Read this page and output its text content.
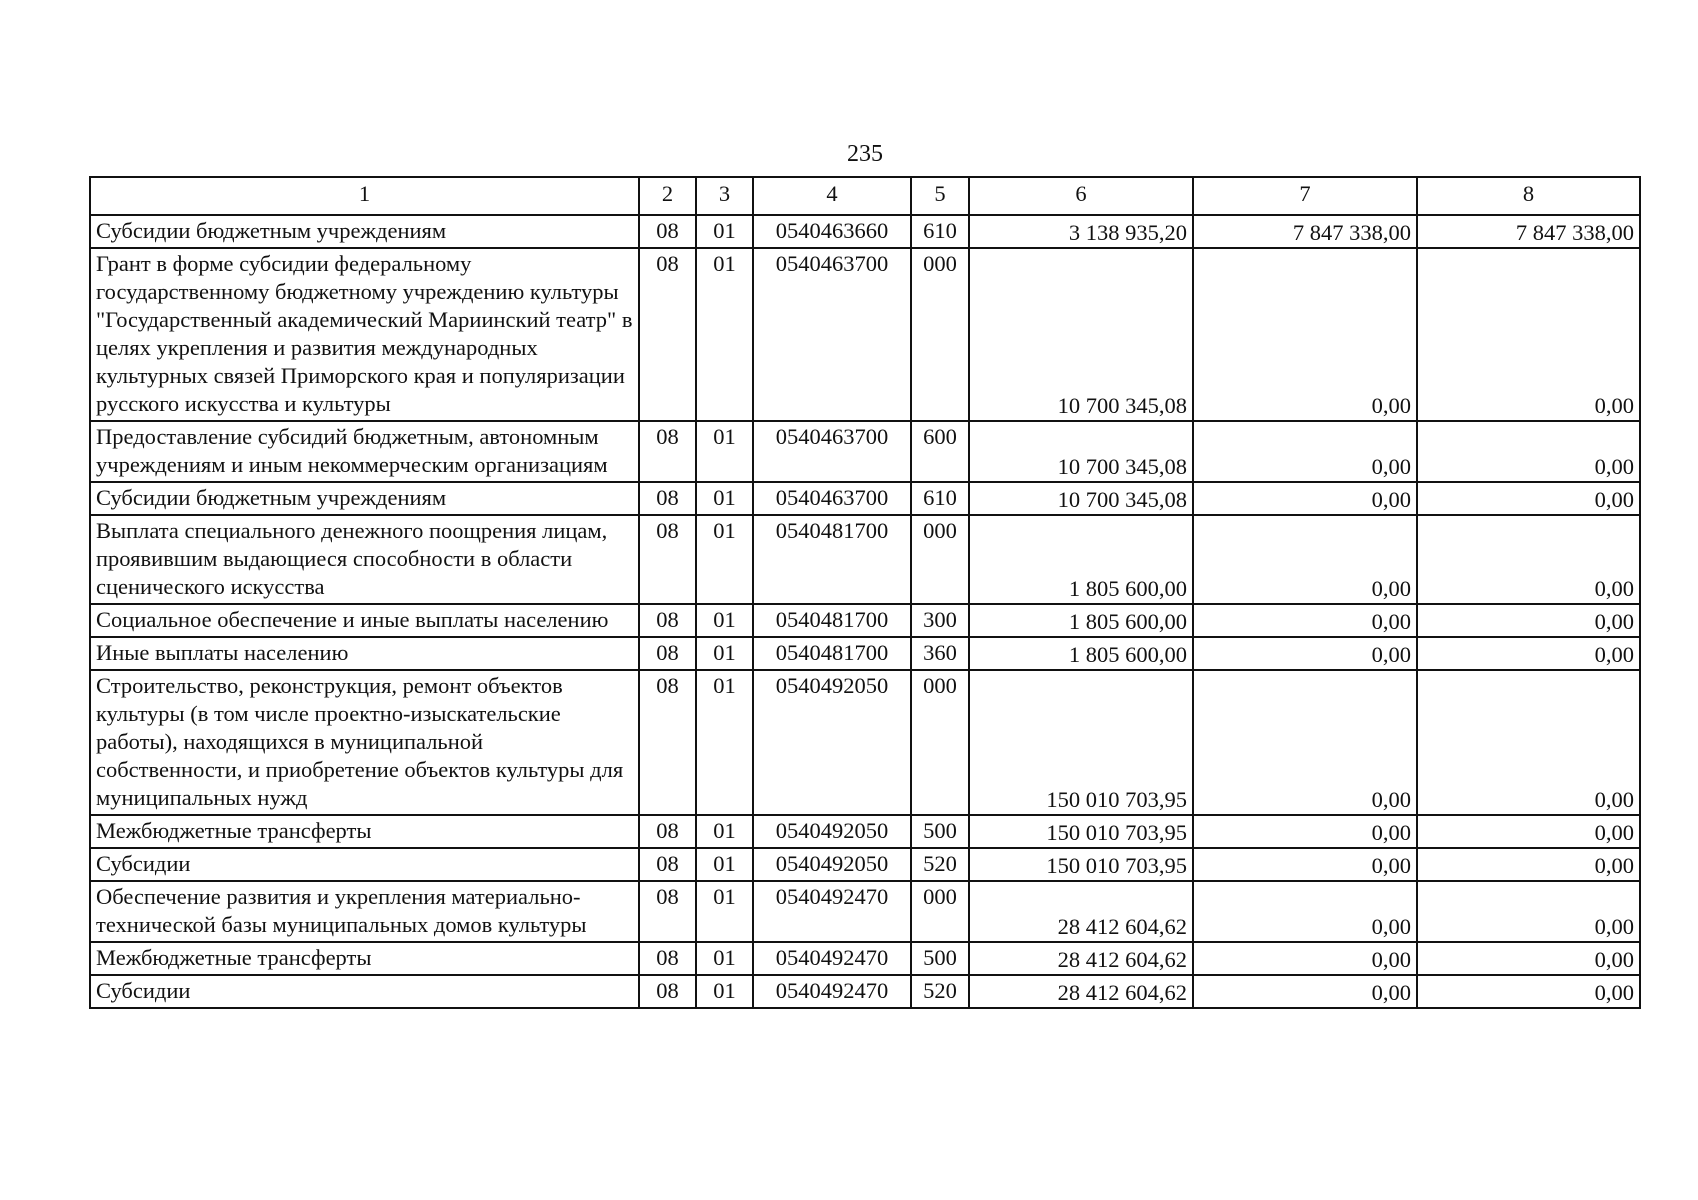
235
1	2	3	4	5	6	7	8
Субсидии бюджетным учреждениям	08	01	0540463660	610	3 138 935,20	7 847 338,00	7 847 338,00
Грант в форме субсидии федеральному государственному бюджетному учреждению культуры "Государственный академический Мариинский театр" в целях укрепления и развития международных культурных связей Приморского края и популяризации русского искусства и культуры	08	01	0540463700	000	10 700 345,08	0,00	0,00
Предоставление субсидий бюджетным, автономным учреждениям и иным некоммерческим организациям	08	01	0540463700	600	10 700 345,08	0,00	0,00
Субсидии бюджетным учреждениям	08	01	0540463700	610	10 700 345,08	0,00	0,00
Выплата специального денежного поощрения лицам, проявившим выдающиеся способности в области сценического искусства	08	01	0540481700	000	1 805 600,00	0,00	0,00
Социальное обеспечение и иные выплаты населению	08	01	0540481700	300	1 805 600,00	0,00	0,00
Иные выплаты населению	08	01	0540481700	360	1 805 600,00	0,00	0,00
Строительство, реконструкция, ремонт объектов культуры (в том числе проектно-изыскательские работы), находящихся в муниципальной собственности, и приобретение объектов культуры для муниципальных нужд	08	01	0540492050	000	150 010 703,95	0,00	0,00
Межбюджетные трансферты	08	01	0540492050	500	150 010 703,95	0,00	0,00
Субсидии	08	01	0540492050	520	150 010 703,95	0,00	0,00
Обеспечение развития и укрепления материально-технической базы муниципальных домов культуры	08	01	0540492470	000	28 412 604,62	0,00	0,00
Межбюджетные трансферты	08	01	0540492470	500	28 412 604,62	0,00	0,00
Субсидии	08	01	0540492470	520	28 412 604,62	0,00	0,00
